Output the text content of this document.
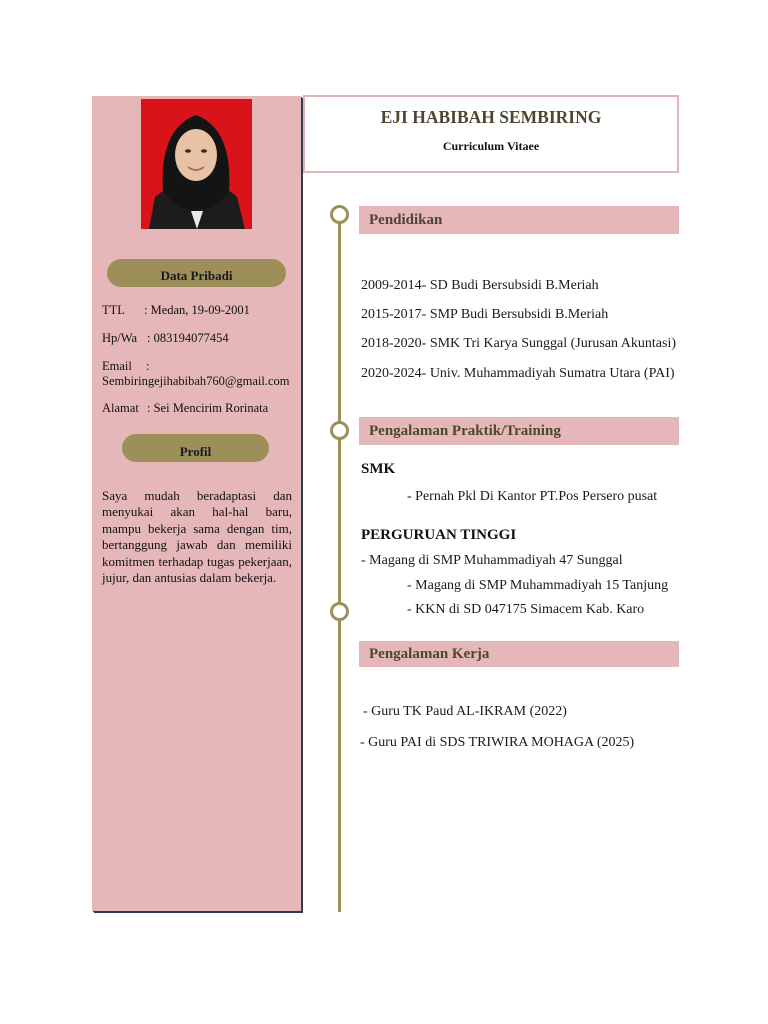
Data Pribadi
TTL : Medan, 19-09-2001
Hp/Wa : 083194077454
Email :
Sembiringejihabibah760@gmail.com
Alamat : Sei Mencirim Rorinata
Profil
Saya mudah beradaptasi dan menyukai akan hal-hal baru, mampu bekerja sama dengan tim, bertanggung jawab dan memiliki komitmen terhadap tugas pekerjaan, jujur, dan antusias dalam bekerja.
EJI HABIBAH SEMBIRING
Curriculum Vitaee
Pendidikan
2009-2014- SD Budi Bersubsidi B.Meriah
2015-2017- SMP Budi Bersubsidi B.Meriah
2018-2020- SMK Tri Karya Sunggal (Jurusan Akuntasi)
2020-2024- Univ. Muhammadiyah Sumatra Utara (PAI)
Pengalaman Praktik/Training
SMK
- Pernah Pkl Di Kantor PT.Pos Persero pusat
PERGURUAN TINGGI
- Magang di SMP Muhammadiyah 47 Sunggal
- Magang di SMP Muhammadiyah 15 Tanjung
- KKN di SD 047175 Simacem Kab. Karo
Pengalaman Kerja
- Guru TK Paud AL-IKRAM (2022)
- Guru PAI di SDS TRIWIRA MOHAGA (2025)
